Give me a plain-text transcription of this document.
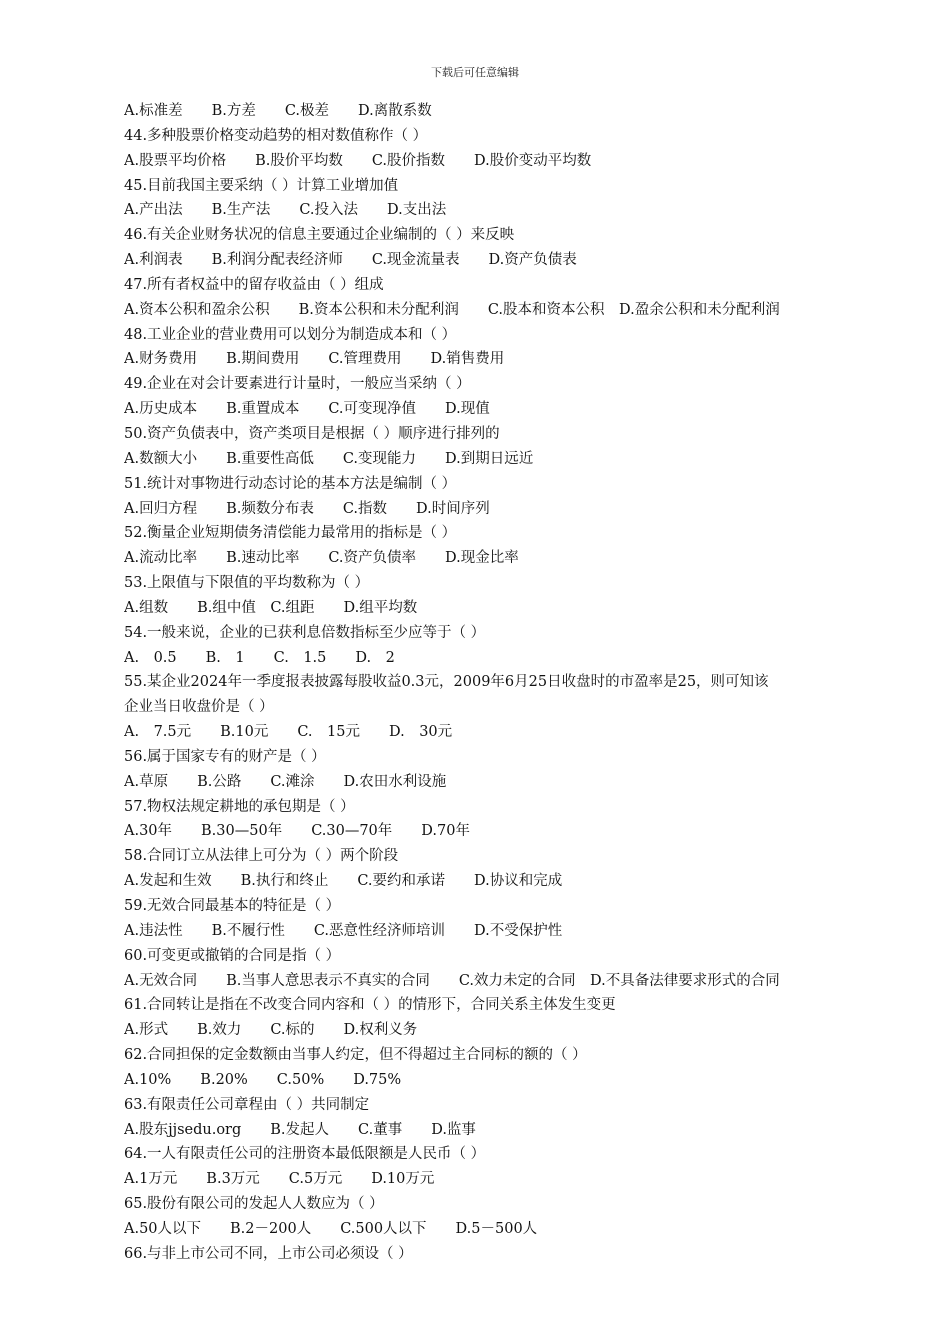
下载后可任意编辑
A.标准差　　B.方差　　C.极差　　D.离散系数
44.多种股票价格变动趋势的相对数值称作（ ）
A.股票平均价格　　B.股价平均数　　C.股价指数　　D.股价变动平均数
45.目前我国主要采纳（ ）计算工业增加值
A.产出法　　B.生产法　　C.投入法　　D.支出法
46.有关企业财务状况的信息主要通过企业编制的（ ）来反映
A.利润表　　B.利润分配表经济师　　C.现金流量表　　D.资产负债表
47.所有者权益中的留存收益由（ ）组成
A.资本公积和盈余公积　　B.资本公积和未分配利润　　C.股本和资本公积　D.盈余公积和未分配利润
48.工业企业的营业费用可以划分为制造成本和（ ）
A.财务费用　　B.期间费用　　C.管理费用　　D.销售费用
49.企业在对会计要素进行计量时，一般应当采纳（ ）
A.历史成本　　B.重置成本　　C.可变现净值　　D.现值
50.资产负债表中，资产类项目是根据（ ）顺序进行排列的
A.数额大小　　B.重要性高低　　C.变现能力　　D.到期日远近
51.统计对事物进行动态讨论的基本方法是编制（ ）
A.回归方程　　B.频数分布表　　C.指数　　D.时间序列
52.衡量企业短期债务清偿能力最常用的指标是（ ）
A.流动比率　　B.速动比率　　C.资产负债率　　D.现金比率
53.上限值与下限值的平均数称为（ ）
A.组数　　B.组中值　C.组距　　D.组平均数
54.一般来说，企业的已获利息倍数指标至少应等于（ ）
A.　0.5　　B.　1　　C.　1.5　　D.　2
55.某企业2024年一季度报表披露每股收益0.3元，2009年6月25日收盘时的市盈率是25，则可知该
企业当日收盘价是（ ）
A.　7.5元　　B.10元　　C.　15元　　D.　30元
56.属于国家专有的财产是（ ）
A.草原　　B.公路　　C.滩涂　　D.农田水利设施
57.物权法规定耕地的承包期是（ ）
A.30年　　B.30—50年　　C.30—70年　　D.70年
58.合同订立从法律上可分为（ ）两个阶段
A.发起和生效　　B.执行和终止　　C.要约和承诺　　D.协议和完成
59.无效合同最基本的特征是（ ）
A.违法性　　B.不履行性　　C.恶意性经济师培训　　D.不受保护性
60.可变更或撤销的合同是指（ ）
A.无效合同　　B.当事人意思表示不真实的合同　　C.效力未定的合同　D.不具备法律要求形式的合同
61.合同转让是指在不改变合同内容和（ ）的情形下，合同关系主体发生变更
A.形式　　B.效力　　C.标的　　D.权利义务
62.合同担保的定金数额由当事人约定，但不得超过主合同标的额的（ ）
A.10%　　B.20%　　C.50%　　D.75%
63.有限责任公司章程由（ ）共同制定
A.股东jjsedu.org　　B.发起人　　C.董事　　D.监事
64.一人有限责任公司的注册资本最低限额是人民币（ ）
A.1万元　　B.3万元　　C.5万元　　D.10万元
65.股份有限公司的发起人人数应为（ ）
A.50人以下　　B.2－200人　　C.500人以下　　D.5－500人
66.与非上市公司不同，上市公司必须设（ ）
